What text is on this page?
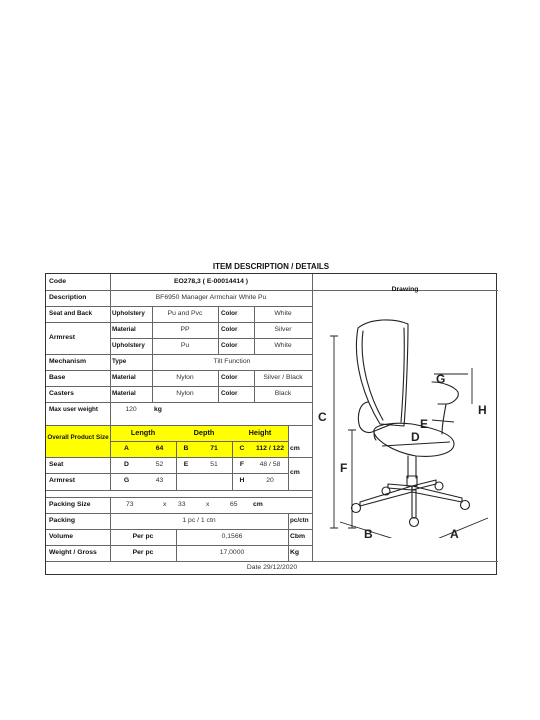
ITEM DESCRIPTION / DETAILS
Code	EO278,3 ( E-00014414 )
Description	BF6950 Manager Armchair White Pu
Seat and Back	Upholstery	Pu and Pvc	Color	White
Armrest
Material	PP	Color	Silver
Upholstery	Pu	Color	White
Mechanism	Type	Tilt Function
Base	Material	Nylon	Color	Silver / Black
Casters	Material	Nylon	Color	Black
Max user weight	120	kg
Overall Product Size
Length	Depth	Height
A	64	B	71	C	112 / 122 cm
Seat	D	52	E	51	F	48 / 58
cm
Armrest	G	43	H	20
Packing Size	73	x 33	x	65 cm
Packing	1 pc / 1 ctn	pc/ctn
Volume	Per pc	0,1566	Cbm
Weight / Gross	Per pc	17,0000	Kg
Date 29/12/2020
Drawing
C
F
G
H
E
D
B	A
